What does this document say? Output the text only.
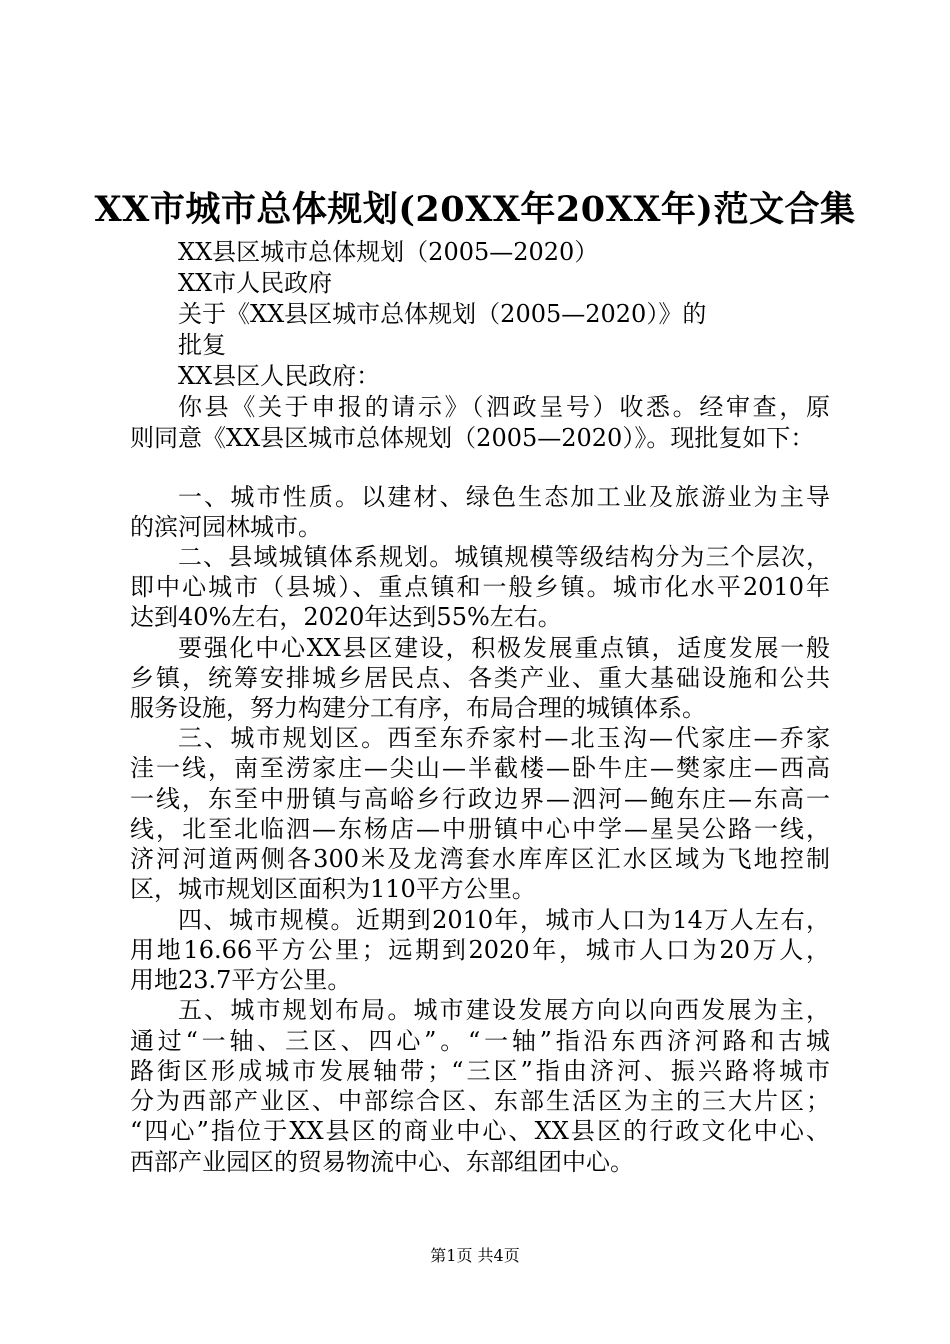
XX市城市总体规划(20XX年20XX年)范文合集

XX县区城市总体规划（2005—2020）

XX市人民政府

关于《XX县区城市总体规划（2005—2020）》的

批复

XX县区人民政府：

你县《关于申报的请示》（泗政呈号）收悉。经审查，原

则同意《XX县区城市总体规划（2005—2020）》。现批复如下：

一、城市性质。以建材、绿色生态加工业及旅游业为主导

的滨河园林城市。

二、县域城镇体系规划。城镇规模等级结构分为三个层次，

即中心城市（县城）、重点镇和一般乡镇。城市化水平2010年

达到40%左右，2020年达到55%左右。

要强化中心XX县区建设，积极发展重点镇，适度发展一般

乡镇，统筹安排城乡居民点、各类产业、重大基础设施和公共

服务设施，努力构建分工有序，布局合理的城镇体系。

三、城市规划区。西至东乔家村—北玉沟—代家庄—乔家

洼一线，南至涝家庄—尖山—半截楼—卧牛庄—樊家庄—西高

一线，东至中册镇与高峪乡行政边界—泗河—鲍东庄—东高一

线，北至北临泗—东杨店—中册镇中心中学—星吴公路一线，

济河河道两侧各300米及龙湾套水库库区汇水区域为飞地控制

区，城市规划区面积为110平方公里。

四、城市规模。近期到2010年，城市人口为14万人左右，

用地16.66平方公里；远期到2020年，城市人口为20万人，

用地23.7平方公里。

五、城市规划布局。城市建设发展方向以向西发展为主，

通过“一轴、三区、四心”。“一轴”指沿东西济河路和古城

路街区形成城市发展轴带；“三区”指由济河、振兴路将城市

分为西部产业区、中部综合区、东部生活区为主的三大片区；

“四心”指位于XX县区的商业中心、XX县区的行政文化中心、

西部产业园区的贸易物流中心、东部组团中心。

第1页 共4页
